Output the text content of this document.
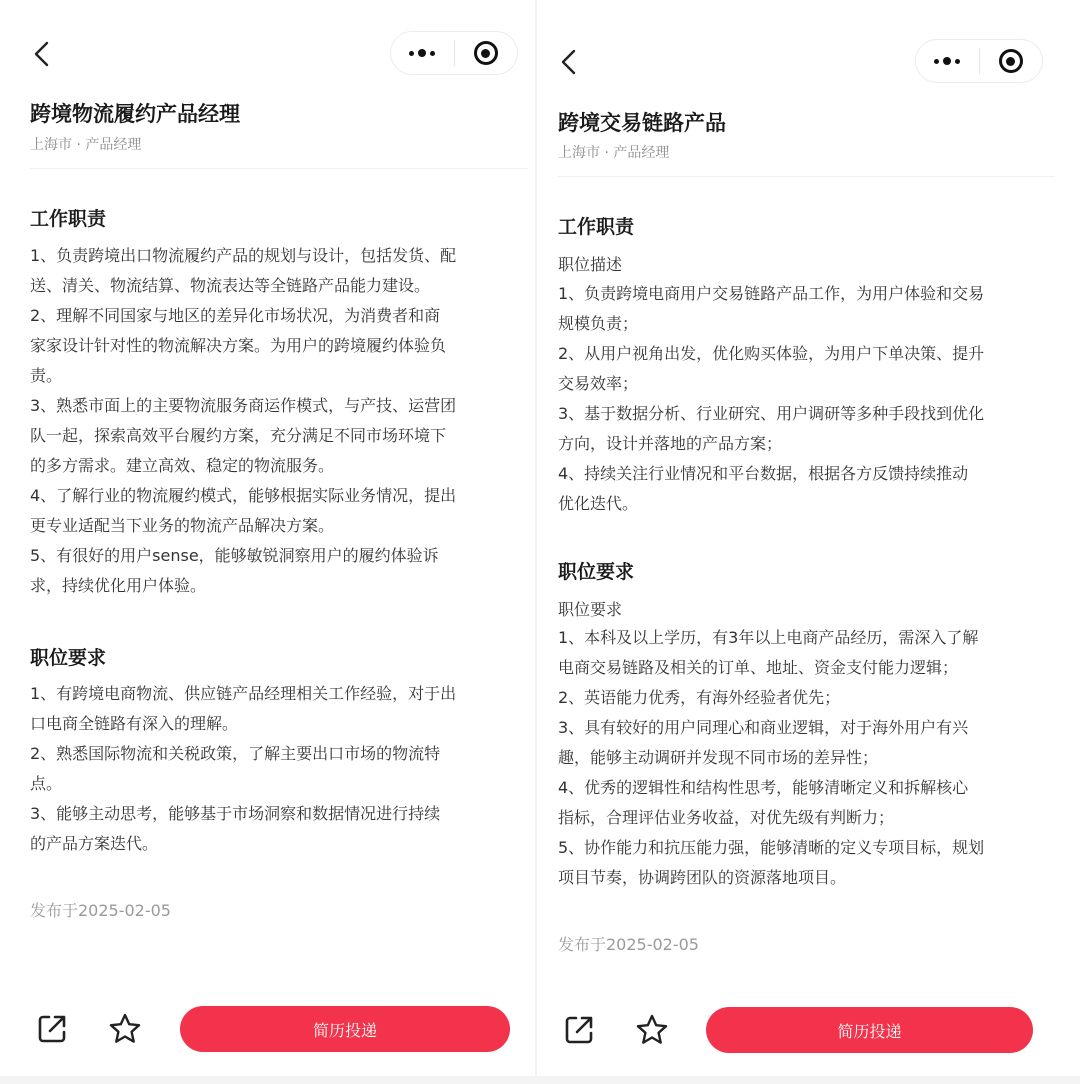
跨境物流履约产品经理
上海市 · 产品经理
工作职责
1、负责跨境出口物流履约产品的规划与设计，包括发货、配
送、清关、物流结算、物流表达等全链路产品能力建设。
2、理解不同国家与地区的差异化市场状况，为消费者和商
家家设计针对性的物流解决方案。为用户的跨境履约体验负
责。
3、熟悉市面上的主要物流服务商运作模式，与产技、运营团
队一起，探索高效平台履约方案，充分满足不同市场环境下
的多方需求。建立高效、稳定的物流服务。
4、了解行业的物流履约模式，能够根据实际业务情况，提出
更专业适配当下业务的物流产品解决方案。
5、有很好的用户sense，能够敏锐洞察用户的履约体验诉
求，持续优化用户体验。
职位要求
1、有跨境电商物流、供应链产品经理相关工作经验，对于出
口电商全链路有深入的理解。
2、熟悉国际物流和关税政策，了解主要出口市场的物流特
点。
3、能够主动思考，能够基于市场洞察和数据情况进行持续
的产品方案迭代。
发布于2025-02-05
简历投递
跨境交易链路产品
上海市 · 产品经理
工作职责
职位描述
1、负责跨境电商用户交易链路产品工作，为用户体验和交易
规模负责；
2、从用户视角出发，优化购买体验，为用户下单决策、提升
交易效率；
3、基于数据分析、行业研究、用户调研等多种手段找到优化
方向，设计并落地的产品方案；
4、持续关注行业情况和平台数据，根据各方反馈持续推动
优化迭代。
职位要求
职位要求
1、本科及以上学历，有3年以上电商产品经历，需深入了解
电商交易链路及相关的订单、地址、资金支付能力逻辑；
2、英语能力优秀，有海外经验者优先；
3、具有较好的用户同理心和商业逻辑，对于海外用户有兴
趣，能够主动调研并发现不同市场的差异性；
4、优秀的逻辑性和结构性思考，能够清晰定义和拆解核心
指标，合理评估业务收益，对优先级有判断力；
5、协作能力和抗压能力强，能够清晰的定义专项目标，规划
项目节奏，协调跨团队的资源落地项目。
发布于2025-02-05
简历投递
